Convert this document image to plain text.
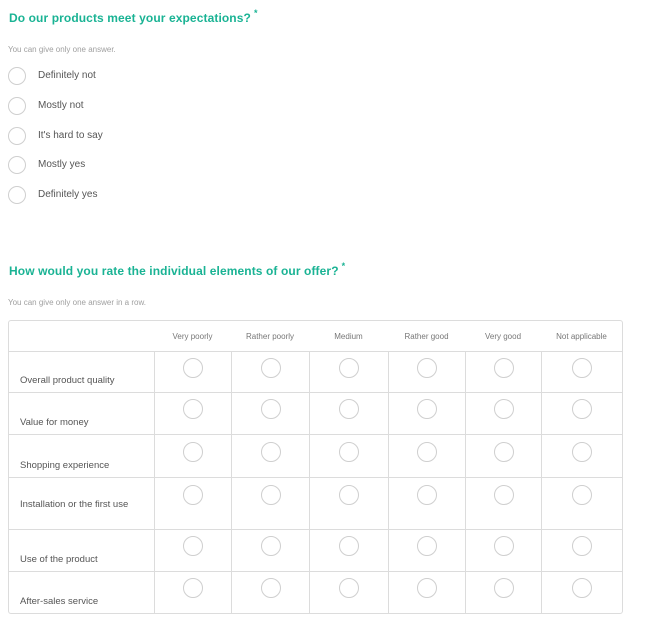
Do our products meet your expectations? *
You can give only one answer.
Definitely not
Mostly not
It's hard to say
Mostly yes
Definitely yes
How would you rate the individual elements of our offer? *
You can give only one answer in a row.
	Very poorly	Rather poorly	Medium	Rather good	Very good	Not applicable
Overall product quality						
Value for money						
Shopping experience						
Installation or the first use						
Use of the product						
After-sales service						
